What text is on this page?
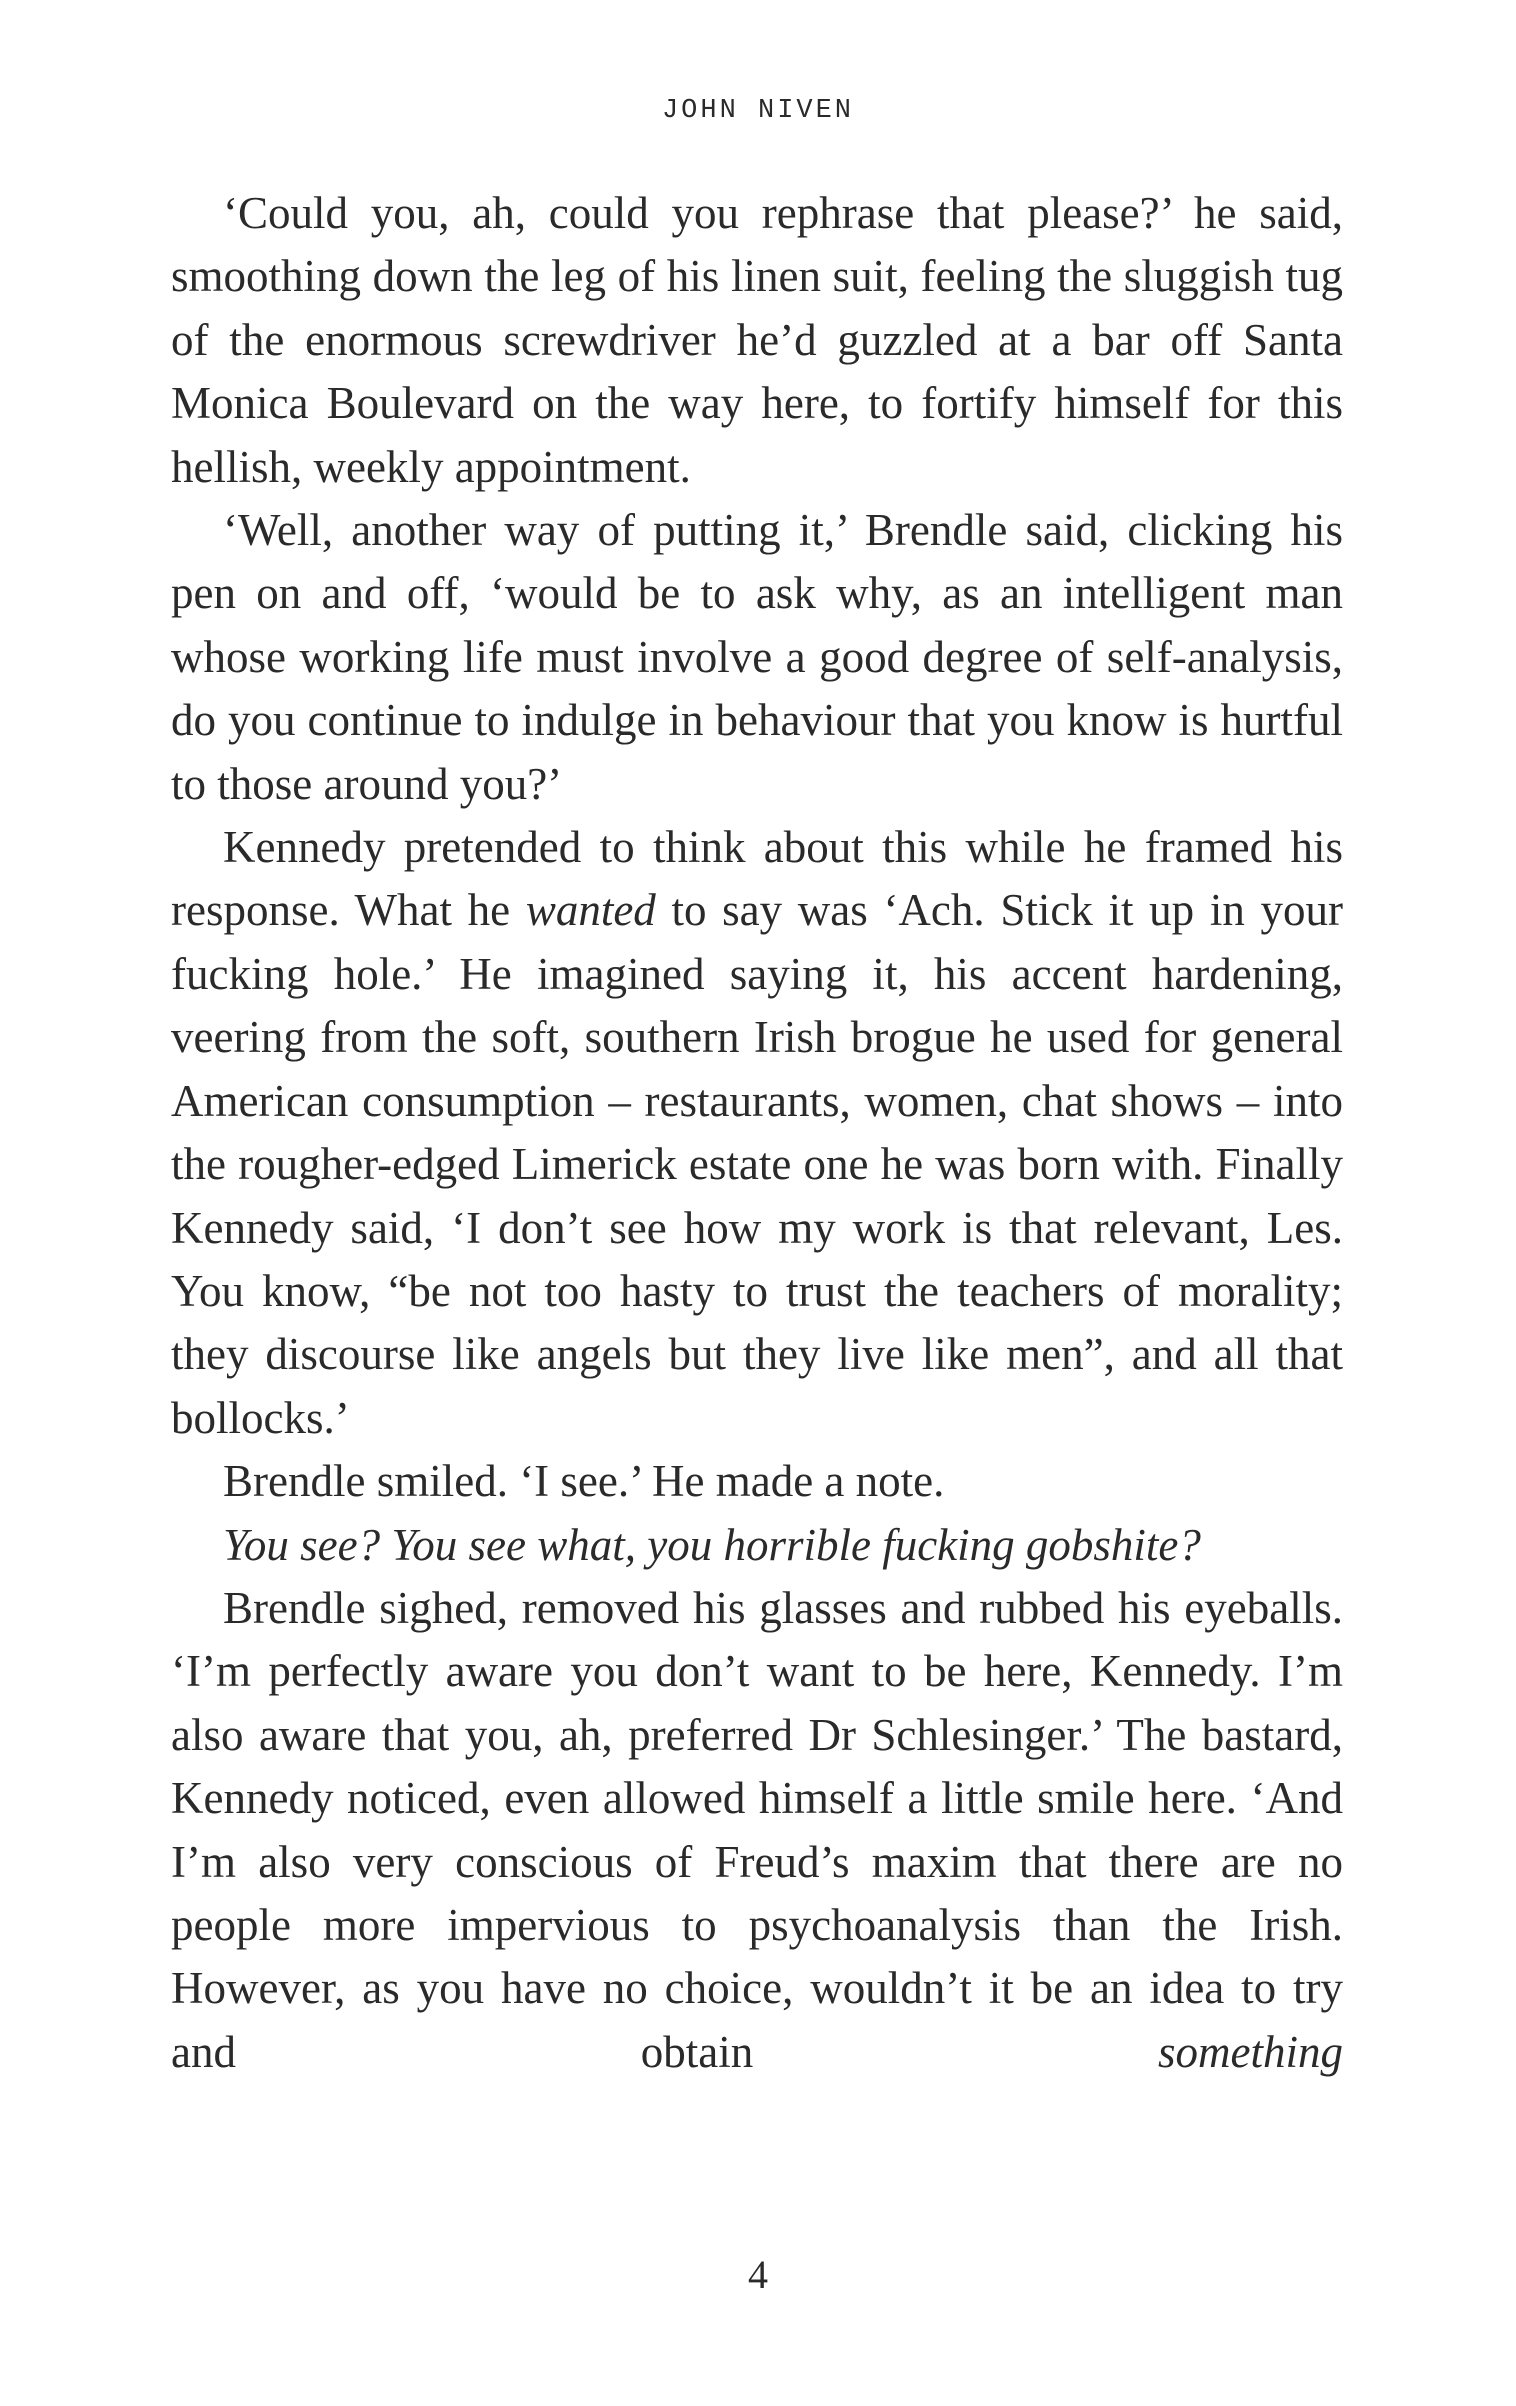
JOHN NIVEN

‘Could you, ah, could you rephrase that please?’ he said, smoothing down the leg of his linen suit, feeling the sluggish tug of the enormous screwdriver he’d guzzled at a bar off Santa Monica Boulevard on the way here, to fortify himself for this hellish, weekly appointment.

‘Well, another way of putting it,’ Brendle said, clicking his pen on and off, ‘would be to ask why, as an intelligent man whose working life must involve a good degree of self-analysis, do you continue to indulge in behaviour that you know is hurtful to those around you?’

Kennedy pretended to think about this while he framed his response. What he wanted to say was ‘Ach. Stick it up in your fucking hole.’ He imagined saying it, his accent hardening, veering from the soft, southern Irish brogue he used for general American consumption – restaurants, women, chat shows – into the rougher-edged Limerick estate one he was born with. Finally Kennedy said, ‘I don’t see how my work is that relevant, Les. You know, “be not too hasty to trust the teachers of morality; they discourse like angels but they live like men”, and all that bollocks.’

Brendle smiled. ‘I see.’ He made a note.

You see? You see what, you horrible fucking gobshite?

Brendle sighed, removed his glasses and rubbed his eyeballs. ‘I’m perfectly aware you don’t want to be here, Kennedy. I’m also aware that you, ah, preferred Dr Schlesinger.’ The bastard, Kennedy noticed, even allowed himself a little smile here. ‘And I’m also very conscious of Freud’s maxim that there are no people more impervious to psychoanalysis than the Irish. However, as you have no choice, wouldn’t it be an idea to try and obtain something

4
